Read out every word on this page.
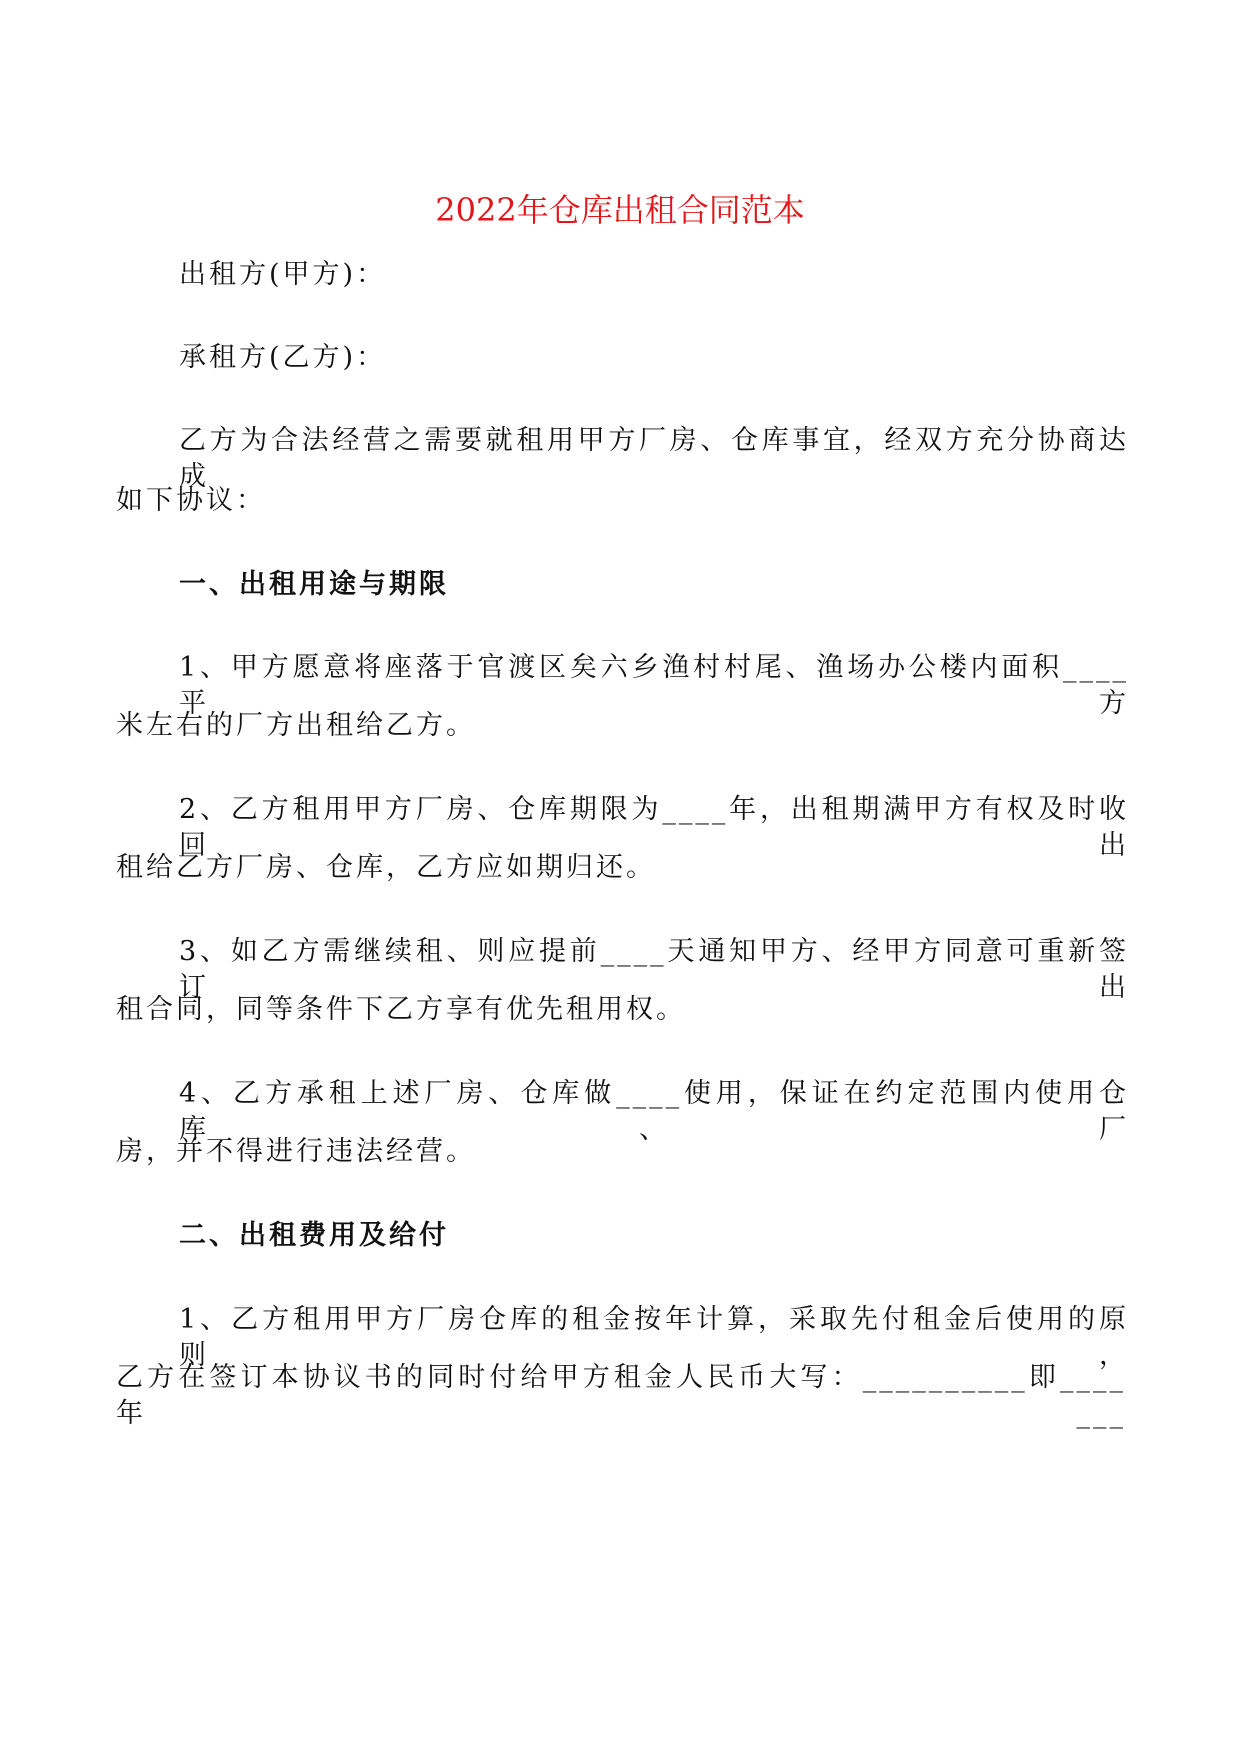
2022年仓库出租合同范本
出租方(甲方)：
承租方(乙方)：
乙方为合法经营之需要就租用甲方厂房、仓库事宜，经双方充分协商达成
如下协议：
一、出租用途与期限
1、甲方愿意将座落于官渡区矣六乡渔村村尾、渔场办公楼内面积____平方
米左右的厂方出租给乙方。
2、乙方租用甲方厂房、仓库期限为____年，出租期满甲方有权及时收回出
租给乙方厂房、仓库，乙方应如期归还。
3、如乙方需继续租、则应提前____天通知甲方、经甲方同意可重新签订出
租合同，同等条件下乙方享有优先租用权。
4、乙方承租上述厂房、仓库做____使用，保证在约定范围内使用仓库、厂
房，并不得进行违法经营。
二、出租费用及给付
1、乙方租用甲方厂房仓库的租金按年计算，采取先付租金后使用的原则，
乙方在签订本协议书的同时付给甲方租金人民币大写：__________即____年___
